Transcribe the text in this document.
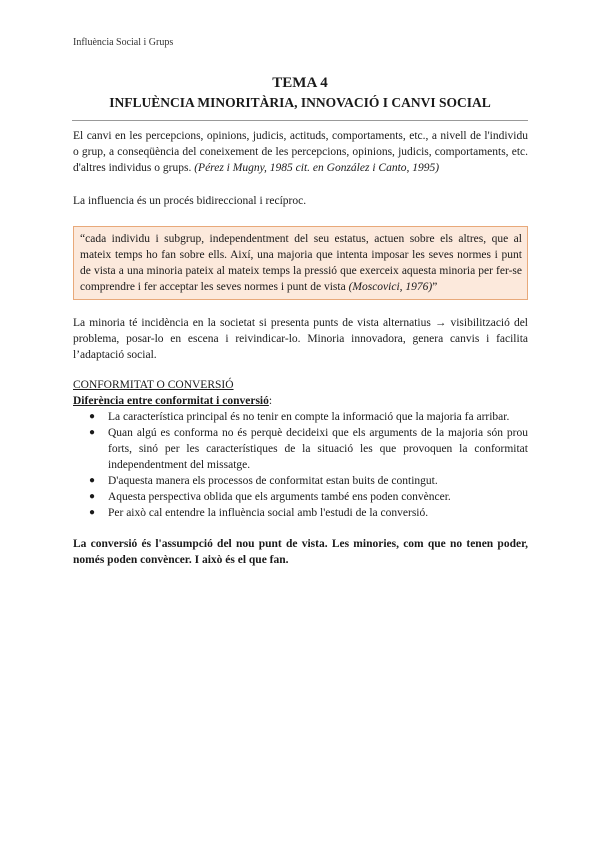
Influència Social i Grups

TEMA 4

INFLUÈNCIA MINORITÀRIA, INNOVACIÓ I CANVI SOCIAL

El canvi en les percepcions, opinions, judicis, actituds, comportaments, etc., a nivell de l'individu o grup, a conseqüència del coneixement de les percepcions, opinions, judicis, comportaments, etc. d'altres individus o grups. (Pérez i Mugny, 1985 cit. en González i Canto, 1995)

La influencia és un procés bidireccional i recíproc.

“cada individu i subgrup, independentment del seu estatus, actuen sobre els altres, que al mateix temps ho fan sobre ells. Així, una majoria que intenta imposar les seves normes i punt de vista a una minoria pateix al mateix temps la pressió que exerceix aquesta minoria per fer-se comprendre i fer acceptar les seves normes i punt de vista (Moscovici, 1976)”

La minoria té incidència en la societat si presenta punts de vista alternatius → visibilització del problema, posar-lo en escena i reivindicar-lo. Minoria innovadora, genera canvis i facilita l’adaptació social.

CONFORMITAT O CONVERSIÓ

Diferència entre conformitat i conversió:

● La característica principal és no tenir en compte la informació que la majoria fa arribar.
● Quan algú es conforma no és perquè decideixi que els arguments de la majoria són prou forts, sinó per les característiques de la situació les que provoquen la conformitat independentment del missatge.
● D'aquesta manera els processos de conformitat estan buits de contingut.
● Aquesta perspectiva oblida que els arguments també ens poden convèncer.
● Per això cal entendre la influència social amb l'estudi de la conversió.

La conversió és l'assumpció del nou punt de vista. Les minories, com que no tenen poder, només poden convèncer. I això és el que fan.
